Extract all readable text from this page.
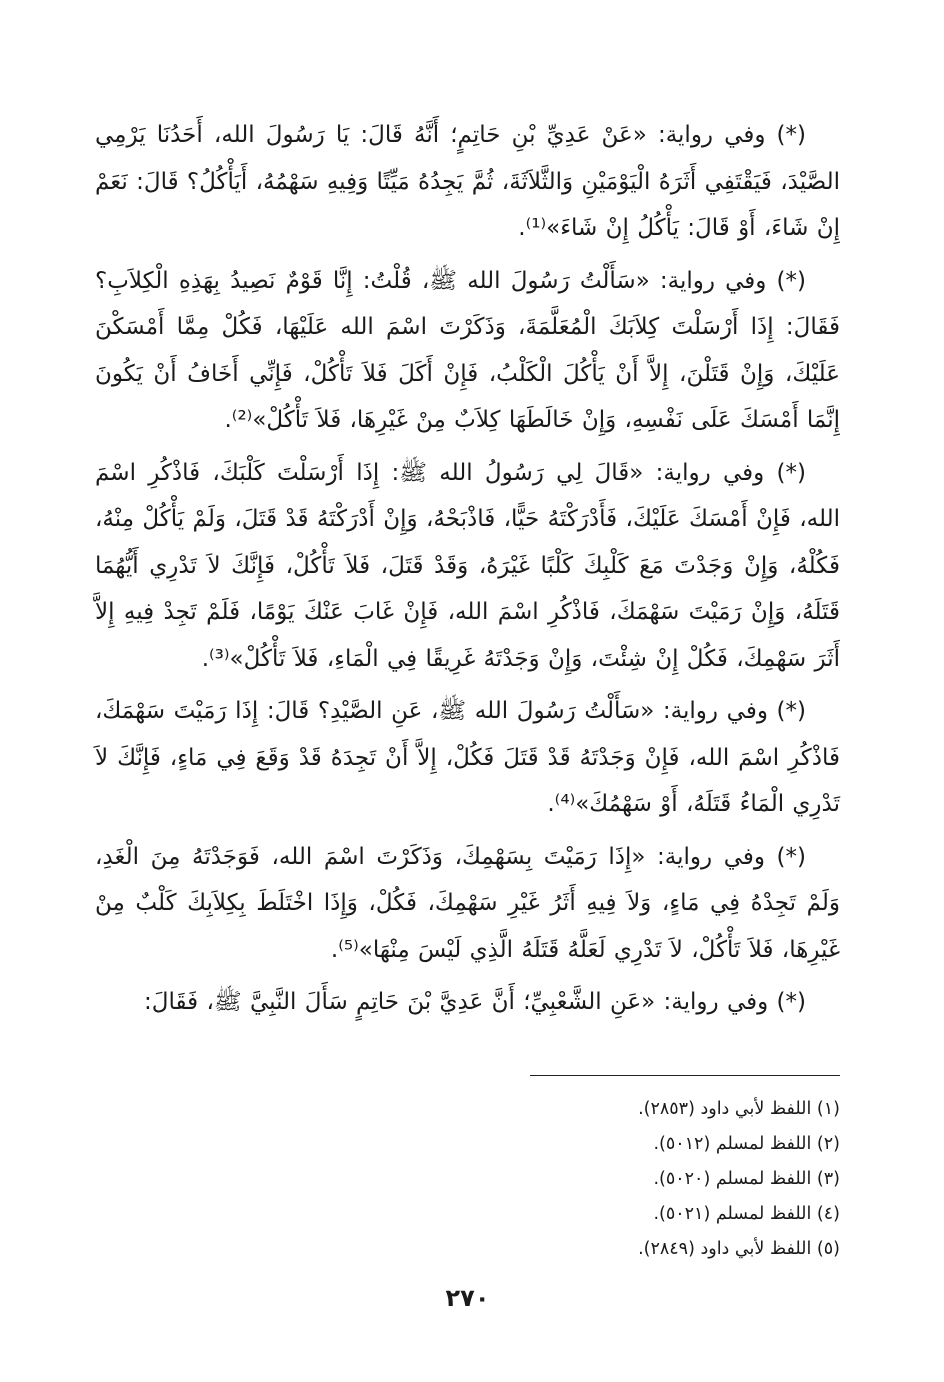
(*) وفي رواية: «عَنْ عَدِيِّ بْنِ حَاتِمٍ؛ أَنَّهُ قَالَ: يَا رَسُولَ الله، أَحَدُنَا يَرْمِي الصَّيْدَ، فَيَقْتَفِي أَثَرَهُ الْيَوْمَيْنِ وَالثَّلاَثَةَ، ثُمَّ يَجِدُهُ مَيِّتًا وَفِيهِ سَهْمُهُ، أَيَأْكُلُ؟ قَالَ: نَعَمْ إِنْ شَاءَ، أَوْ قَالَ: يَأْكُلُ إِنْ شَاءَ»⁽¹⁾.

(*) وفي رواية: «سَأَلْتُ رَسُولَ الله ﷺ، قُلْتُ: إِنَّا قَوْمٌ نَصِيدُ بِهَذِهِ الْكِلاَبِ؟ فَقَالَ: إِذَا أَرْسَلْتَ كِلاَبَكَ الْمُعَلَّمَةَ، وَذَكَرْتَ اسْمَ الله عَلَيْهَا، فَكُلْ مِمَّا أَمْسَكْنَ عَلَيْكَ، وَإِنْ قَتَلْنَ، إِلاَّ أَنْ يَأْكُلَ الْكَلْبُ، فَإِنْ أَكَلَ فَلاَ تَأْكُلْ، فَإِنِّي أَخَافُ أَنْ يَكُونَ إِنَّمَا أَمْسَكَ عَلَى نَفْسِهِ، وَإِنْ خَالَطَهَا كِلاَبٌ مِنْ غَيْرِهَا، فَلاَ تَأْكُلْ»⁽²⁾.

(*) وفي رواية: «قَالَ لِي رَسُولُ الله ﷺ: إِذَا أَرْسَلْتَ كَلْبَكَ، فَاذْكُرِ اسْمَ الله، فَإِنْ أَمْسَكَ عَلَيْكَ، فَأَدْرَكْتَهُ حَيًّا، فَاذْبَحْهُ، وَإِنْ أَدْرَكْتَهُ قَدْ قَتَلَ، وَلَمْ يَأْكُلْ مِنْهُ، فَكُلْهُ، وَإِنْ وَجَدْتَ مَعَ كَلْبِكَ كَلْبًا غَيْرَهُ، وَقَدْ قَتَلَ، فَلاَ تَأْكُلْ، فَإِنَّكَ لاَ تَدْرِي أَيُّهُمَا قَتَلَهُ، وَإِنْ رَمَيْتَ سَهْمَكَ، فَاذْكُرِ اسْمَ الله، فَإِنْ غَابَ عَنْكَ يَوْمًا، فَلَمْ تَجِدْ فِيهِ إِلاَّ أَثَرَ سَهْمِكَ، فَكُلْ إِنْ شِئْتَ، وَإِنْ وَجَدْتَهُ غَرِيقًا فِي الْمَاءِ، فَلاَ تَأْكُلْ»⁽³⁾.

(*) وفي رواية: «سَأَلْتُ رَسُولَ الله ﷺ، عَنِ الصَّيْدِ؟ قَالَ: إِذَا رَمَيْتَ سَهْمَكَ، فَاذْكُرِ اسْمَ الله، فَإِنْ وَجَدْتَهُ قَدْ قَتَلَ فَكُلْ، إِلاَّ أَنْ تَجِدَهُ قَدْ وَقَعَ فِي مَاءٍ، فَإِنَّكَ لاَ تَدْرِي الْمَاءُ قَتَلَهُ، أَوْ سَهْمُكَ»⁽⁴⁾.

(*) وفي رواية: «إِذَا رَمَيْتَ بِسَهْمِكَ، وَذَكَرْتَ اسْمَ الله، فَوَجَدْتَهُ مِنَ الْغَدِ، وَلَمْ تَجِدْهُ فِي مَاءٍ، وَلاَ فِيهِ أَثَرُ غَيْرِ سَهْمِكَ، فَكُلْ، وَإِذَا اخْتَلَطَ بِكِلاَبِكَ كَلْبٌ مِنْ غَيْرِهَا، فَلاَ تَأْكُلْ، لاَ تَدْرِي لَعَلَّهُ قَتَلَهُ الَّذِي لَيْسَ مِنْهَا»⁽⁵⁾.

(*) وفي رواية: «عَنِ الشَّعْبِيِّ؛ أَنَّ عَدِيَّ بْنَ حَاتِمٍ سَأَلَ النَّبِيَّ ﷺ، فَقَالَ:

(١) اللفظ لأبي داود (٢٨٥٣).
(٢) اللفظ لمسلم (٥٠١٢).
(٣) اللفظ لمسلم (٥٠٢٠).
(٤) اللفظ لمسلم (٥٠٢١).
(٥) اللفظ لأبي داود (٢٨٤٩).
٢٧٠
